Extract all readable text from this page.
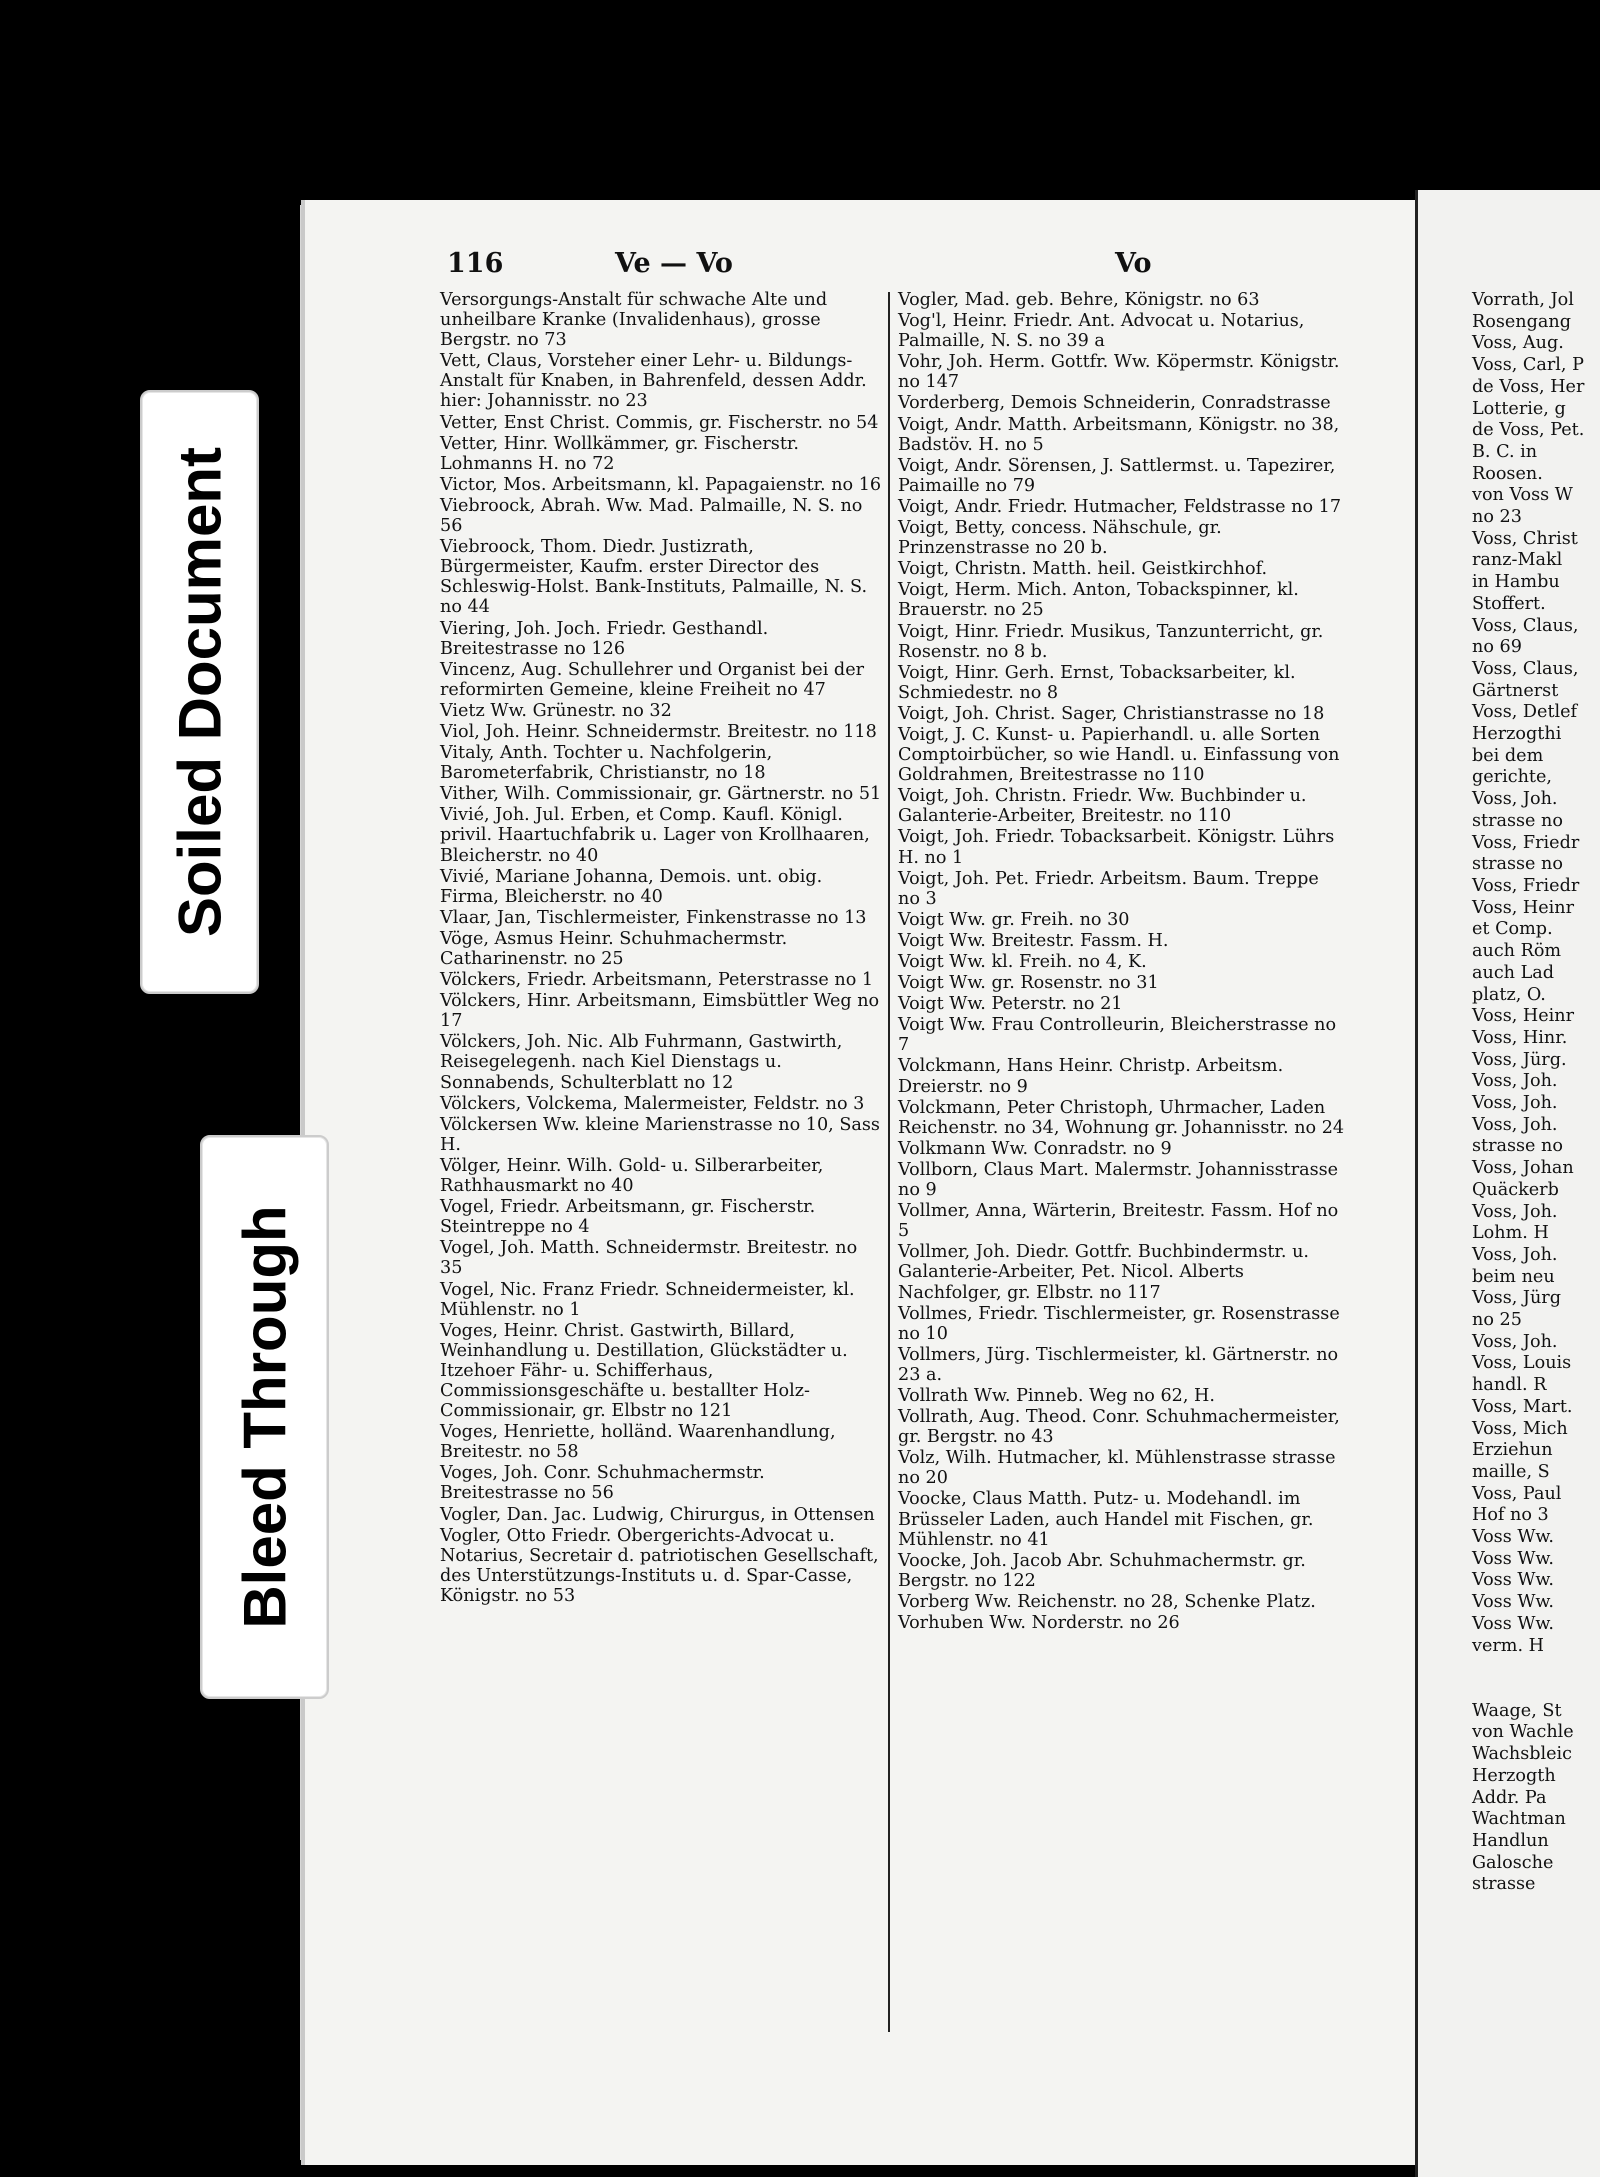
116	Ve — Vo	Vo
Versorgungs-Anstalt für schwache Alte und unheilbare Kranke (Invalidenhaus), grosse Bergstr. no 73
Vett, Claus, Vorsteher einer Lehr- u. Bildungs-Anstalt für Knaben, in Bahrenfeld, dessen Addr. hier: Johannisstr. no 23
Vetter, Enst Christ. Commis, gr. Fischerstr. no 54
Vetter, Hinr. Wollkämmer, gr. Fischerstr. Lohmanns H. no 72
Victor, Mos. Arbeitsmann, kl. Papagaienstr. no 16
Viebroock, Abrah. Ww. Mad. Palmaille, N. S. no 56
Viebroock, Thom. Diedr. Justizrath, Bürgermeister, Kaufm. erster Director des Schleswig-Holst. Bank-Instituts, Palmaille, N. S. no 44
Viering, Joh. Joch. Friedr. Gesthandl. Breitestrasse no 126
Vincenz, Aug. Schullehrer und Organist bei der reformirten Gemeine, kleine Freiheit no 47
Vietz Ww. Grünestr. no 32
Viol, Joh. Heinr. Schneidermstr. Breitestr. no 118
Vitaly, Anth. Tochter u. Nachfolgerin, Barometerfabrik, Christianstr, no 18
Vither, Wilh. Commissionair, gr. Gärtnerstr. no 51
Vivié, Joh. Jul. Erben, et Comp. Kaufl. Königl. privil. Haartuchfabrik u. Lager von Krollhaaren, Bleicherstr. no 40
Vivié, Mariane Johanna, Demois. unt. obig. Firma, Bleicherstr. no 40
Vlaar, Jan, Tischlermeister, Finkenstrasse no 13
Vöge, Asmus Heinr. Schuhmachermstr. Catharinenstr. no 25
Völckers, Friedr. Arbeitsmann, Peterstrasse no 1
Völckers, Hinr. Arbeitsmann, Eimsbüttler Weg no 17
Völckers, Joh. Nic. Alb Fuhrmann, Gastwirth, Reisegelegenh. nach Kiel Dienstags u. Sonnabends, Schulterblatt no 12
Völckers, Volckema, Malermeister, Feldstr. no 3
Völckersen Ww. kleine Marienstrasse no 10, Sass H.
Völger, Heinr. Wilh. Gold- u. Silberarbeiter, Rathhausmarkt no 40
Vogel, Friedr. Arbeitsmann, gr. Fischerstr. Steintreppe no 4
Vogel, Joh. Matth. Schneidermstr. Breitestr. no 35
Vogel, Nic. Franz Friedr. Schneidermeister, kl. Mühlenstr. no 1
Voges, Heinr. Christ. Gastwirth, Billard, Weinhandlung u. Destillation, Glückstädter u. Itzehoer Fähr- u. Schifferhaus, Commissionsgeschäfte u. bestallter Holz-Commissionair, gr. Elbstr no 121
Voges, Henriette, holländ. Waarenhandlung, Breitestr. no 58
Voges, Joh. Conr. Schuhmachermstr. Breitestrasse no 56
Vogler, Dan. Jac. Ludwig, Chirurgus, in Ottensen
Vogler, Otto Friedr. Obergerichts-Advocat u. Notarius, Secretair d. patriotischen Gesellschaft, des Unterstützungs-Instituts u. d. Spar-Casse, Königstr. no 53
Vogler, Mad. geb. Behre, Königstr. no 63
Vog'l, Heinr. Friedr. Ant. Advocat u. Notarius, Palmaille, N. S. no 39 a
Vohr, Joh. Herm. Gottfr. Ww. Köpermstr. Königstr. no 147
Vorderberg, Demois Schneiderin, Conradstrasse
Voigt, Andr. Matth. Arbeitsmann, Königstr. no 38, Badstöv. H. no 5
Voigt, Andr. Sörensen, J. Sattlermst. u. Tapezirer, Paimaille no 79
Voigt, Andr. Friedr. Hutmacher, Feldstrasse no 17
Voigt, Betty, concess. Nähschule, gr. Prinzenstrasse no 20 b.
Voigt, Christn. Matth. heil. Geistkirchhof.
Voigt, Herm. Mich. Anton, Tobackspinner, kl. Brauerstr. no 25
Voigt, Hinr. Friedr. Musikus, Tanzunterricht, gr. Rosenstr. no 8 b.
Voigt, Hinr. Gerh. Ernst, Tobacksarbeiter, kl. Schmiedestr. no 8
Voigt, Joh. Christ. Sager, Christianstrasse no 18
Voigt, J. C. Kunst- u. Papierhandl. u. alle Sorten Comptoirbücher, so wie Handl. u. Einfassung von Goldrahmen, Breitestrasse no 110
Voigt, Joh. Christn. Friedr. Ww. Buchbinder u. Galanterie-Arbeiter, Breitestr. no 110
Voigt, Joh. Friedr. Tobacksarbeit. Königstr. Lührs H. no 1
Voigt, Joh. Pet. Friedr. Arbeitsm. Baum. Treppe no 3
Voigt Ww. gr. Freih. no 30
Voigt Ww. Breitestr. Fassm. H.
Voigt Ww. kl. Freih. no 4, K.
Voigt Ww. gr. Rosenstr. no 31
Voigt Ww. Peterstr. no 21
Voigt Ww. Frau Controlleurin, Bleicherstrasse no 7
Volckmann, Hans Heinr. Christp. Arbeitsm. Dreierstr. no 9
Volckmann, Peter Christoph, Uhrmacher, Laden Reichenstr. no 34, Wohnung gr. Johannisstr. no 24
Volkmann Ww. Conradstr. no 9
Vollborn, Claus Mart. Malermstr. Johannisstrasse no 9
Vollmer, Anna, Wärterin, Breitestr. Fassm. Hof no 5
Vollmer, Joh. Diedr. Gottfr. Buchbindermstr. u. Galanterie-Arbeiter, Pet. Nicol. Alberts Nachfolger, gr. Elbstr. no 117
Vollmes, Friedr. Tischlermeister, gr. Rosenstrasse no 10
Vollmers, Jürg. Tischlermeister, kl. Gärtnerstr. no 23 a.
Vollrath Ww. Pinneb. Weg no 62, H.
Vollrath, Aug. Theod. Conr. Schuhmachermeister, gr. Bergstr. no 43
Volz, Wilh. Hutmacher, kl. Mühlenstrasse strasse no 20
Voocke, Claus Matth. Putz- u. Modehandl. im Brüsseler Laden, auch Handel mit Fischen, gr. Mühlenstr. no 41
Voocke, Joh. Jacob Abr. Schuhmachermstr. gr. Bergstr. no 122
Vorberg Ww. Reichenstr. no 28, Schenke Platz.
Vorhuben Ww. Norderstr. no 26
Vorrath, Jol
Rosengang
Voss, Aug.
Voss, Carl, P
de Voss, Her
Lotterie, g
de Voss, Pet.
B. C. in
Roosen.
von Voss W
no 23
Voss, Christ
ranz-Makl
in Hambu
Stoffert.
Voss, Claus,
no 69
Voss, Claus,
Gärtnerst
Voss, Detlef
Herzogthi
bei dem
gerichte,
Voss, Joh.
strasse no
Voss, Friedr
strasse no
Voss, Friedr
Voss, Heinr
et Comp.
auch Röm
auch Lad
platz, O.
Voss, Heinr
Voss, Hinr.
Voss, Jürg.
Voss, Joh.
Voss, Joh.
Voss, Joh.
strasse no
Voss, Johan
Quäckerb
Voss, Joh.
Lohm. H
Voss, Joh.
beim neu
Voss, Jürg
no 25
Voss, Joh.
Voss, Louis
handl. R
Voss, Mart.
Voss, Mich
Erziehun
maille, S
Voss, Paul
Hof no 3
Voss Ww.
Voss Ww.
Voss Ww.
Voss Ww.
Voss Ww.
verm. H

Waage, St
von Wachle
Wachsbleic
Herzogth
Addr. Pa
Wachtman
Handlun
Galosche
strasse
Soiled Document
Bleed Through
